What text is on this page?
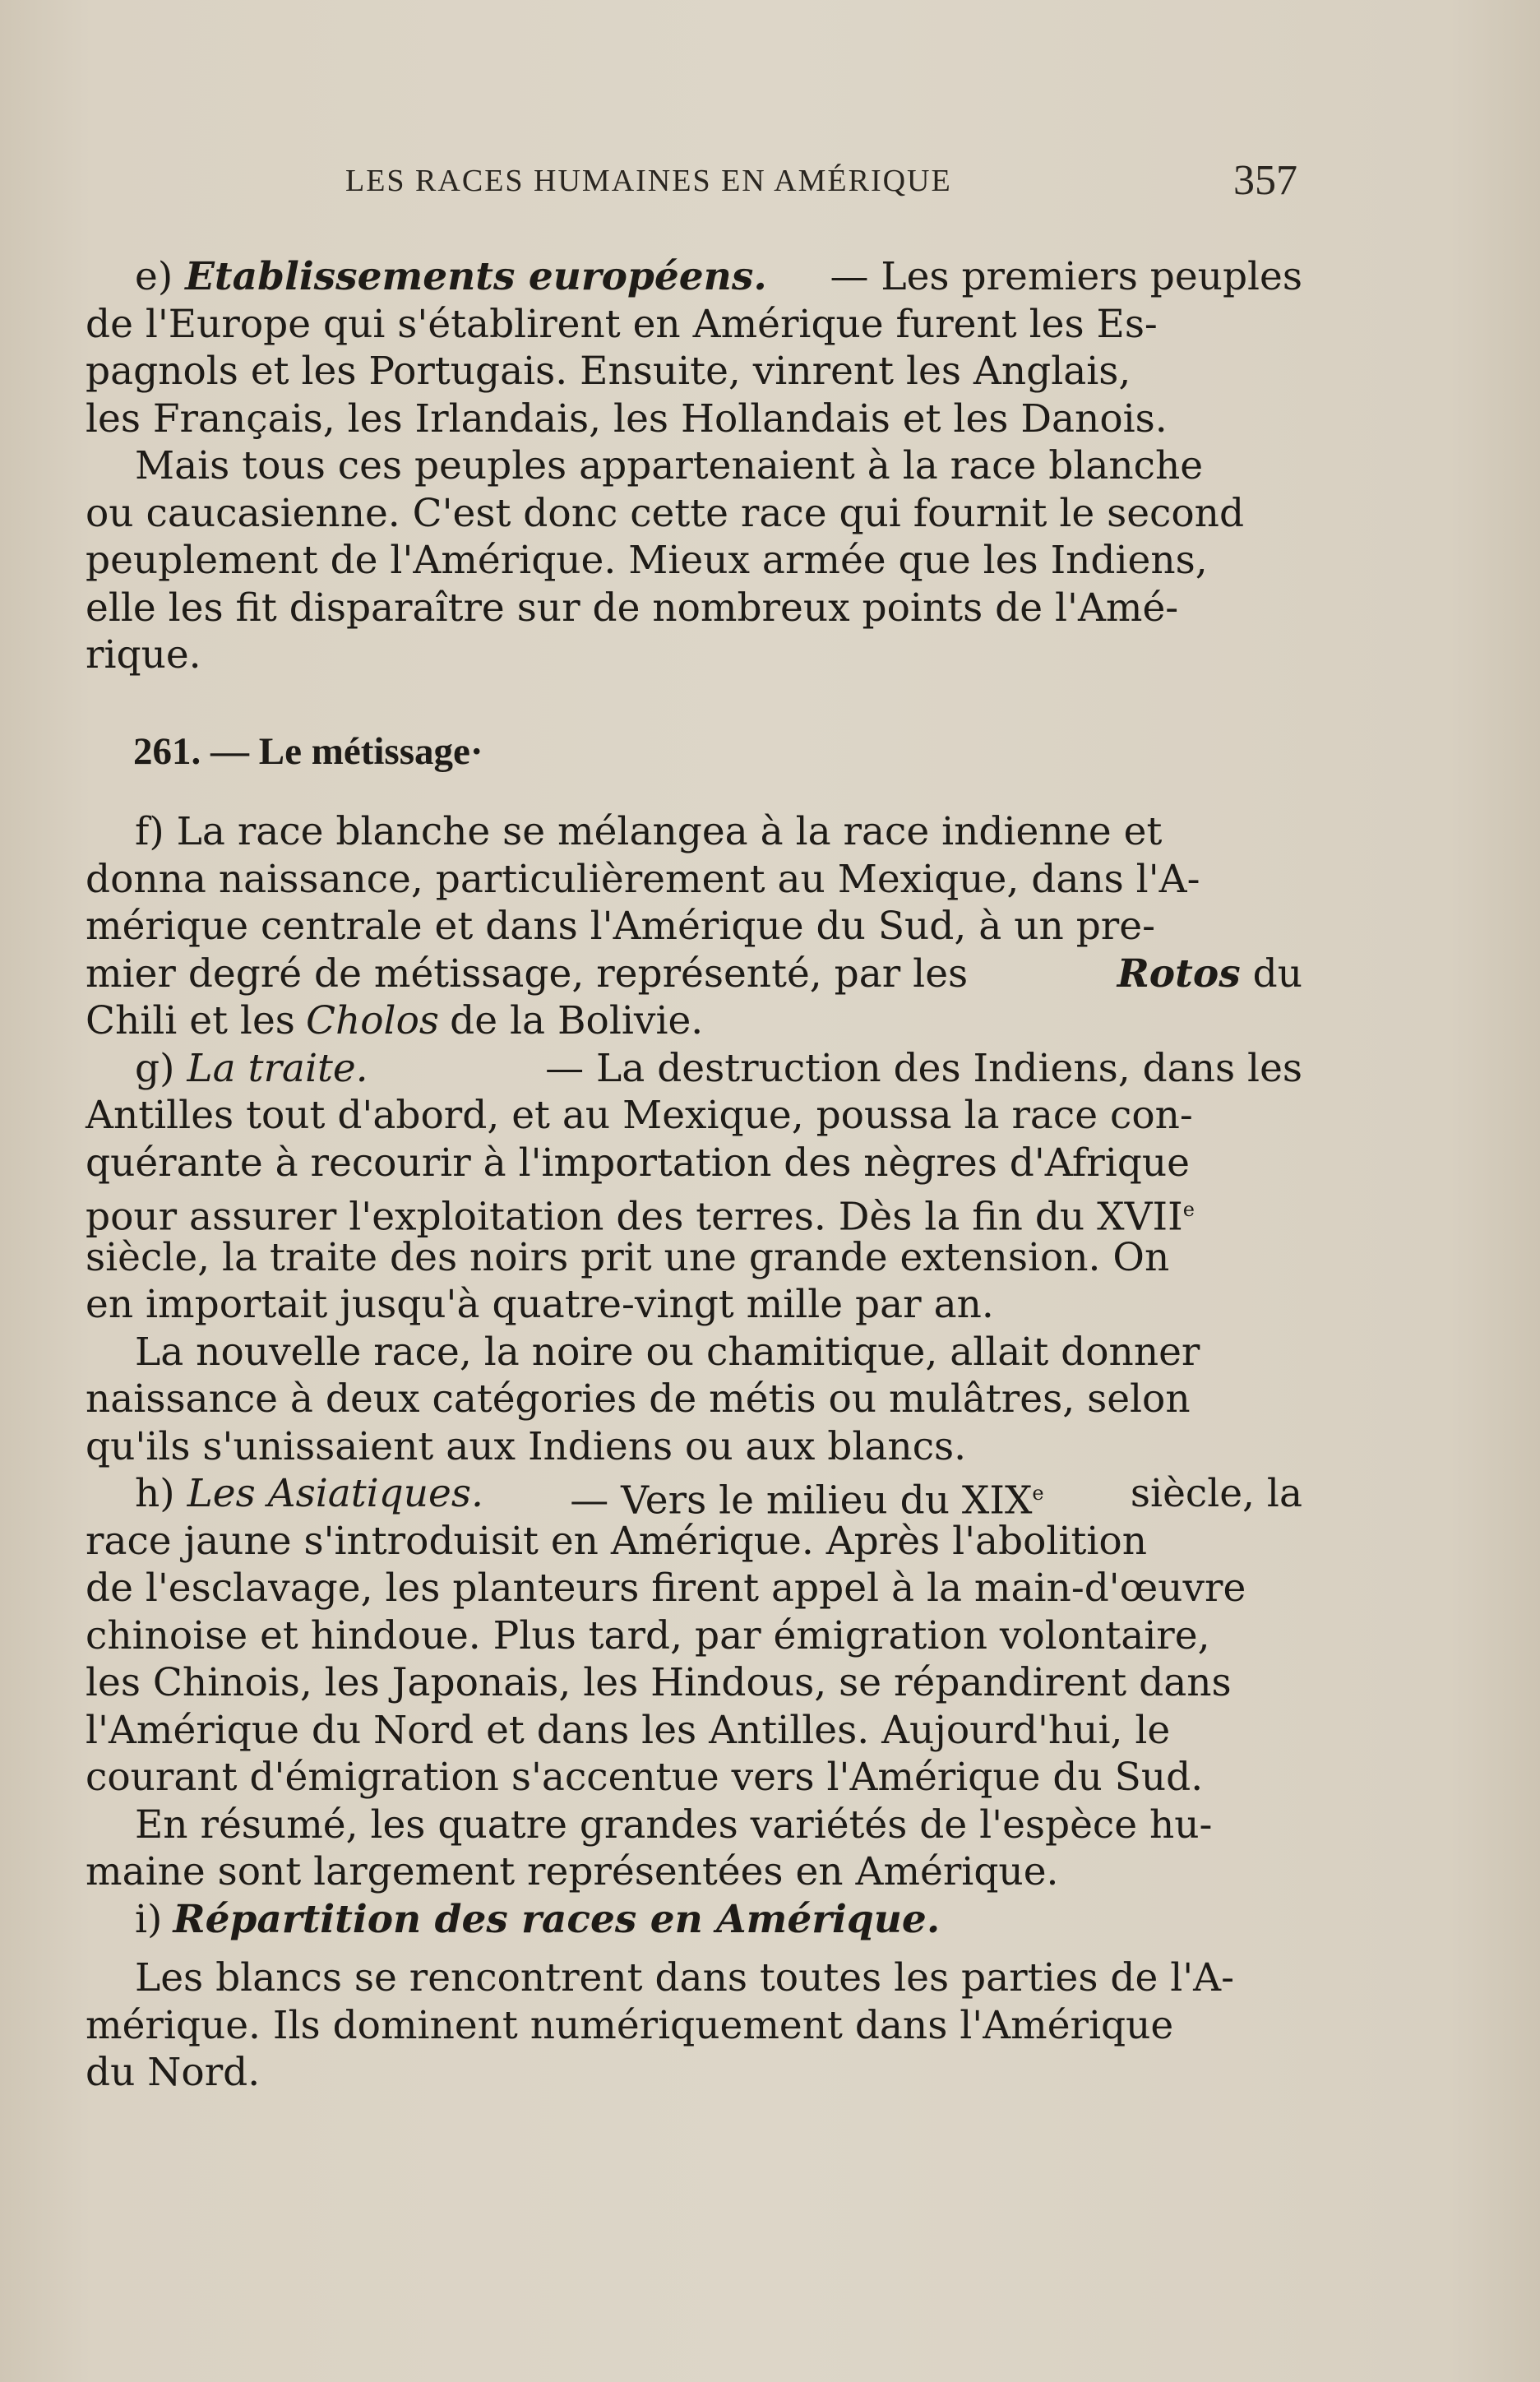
LES RACES HUMAINES EN AMÉRIQUE	357
e) Etablissements européens. — Les premiers peuples
de l'Europe qui s'établirent en Amérique furent les Es-
pagnols et les Portugais. Ensuite, vinrent les Anglais,
les Français, les Irlandais, les Hollandais et les Danois.
Mais tous ces peuples appartenaient à la race blanche
ou caucasienne. C'est donc cette race qui fournit le second
peuplement de l'Amérique. Mieux armée que les Indiens,
elle les fit disparaître sur de nombreux points de l'Amé-
rique.
261. — Le métissage·
f) La race blanche se mélangea à la race indienne et
donna naissance, particulièrement au Mexique, dans l'A-
mérique centrale et dans l'Amérique du Sud, à un pre-
mier degré de métissage, représenté, par les	Rotos du
Chili et les Cholos de la Bolivie.
g) La traite.	— La destruction des Indiens, dans les
Antilles tout d'abord, et au Mexique, poussa la race con-
quérante à recourir à l'importation des nègres d'Afrique
pour assurer l'exploitation des terres. Dès la fin du XVIIe
siècle, la traite des noirs prit une grande extension. On
en importait jusqu'à quatre-vingt mille par an.
La nouvelle race, la noire ou chamitique, allait donner
naissance à deux catégories de métis ou mulâtres, selon
qu'ils s'unissaient aux Indiens ou aux blancs.
h) Les Asiatiques. — Vers le milieu du XIXe siècle, la
race jaune s'introduisit en Amérique. Après l'abolition
de l'esclavage, les planteurs firent appel à la main-d'œuvre
chinoise et hindoue. Plus tard, par émigration volontaire,
les Chinois, les Japonais, les Hindous, se répandirent dans
l'Amérique du Nord et dans les Antilles. Aujourd'hui, le
courant d'émigration s'accentue vers l'Amérique du Sud.
En résumé, les quatre grandes variétés de l'espèce hu-
maine sont largement représentées en Amérique.
i) Répartition des races en Amérique.
Les blancs se rencontrent dans toutes les parties de l'A-
mérique. Ils dominent numériquement dans l'Amérique
du Nord.
